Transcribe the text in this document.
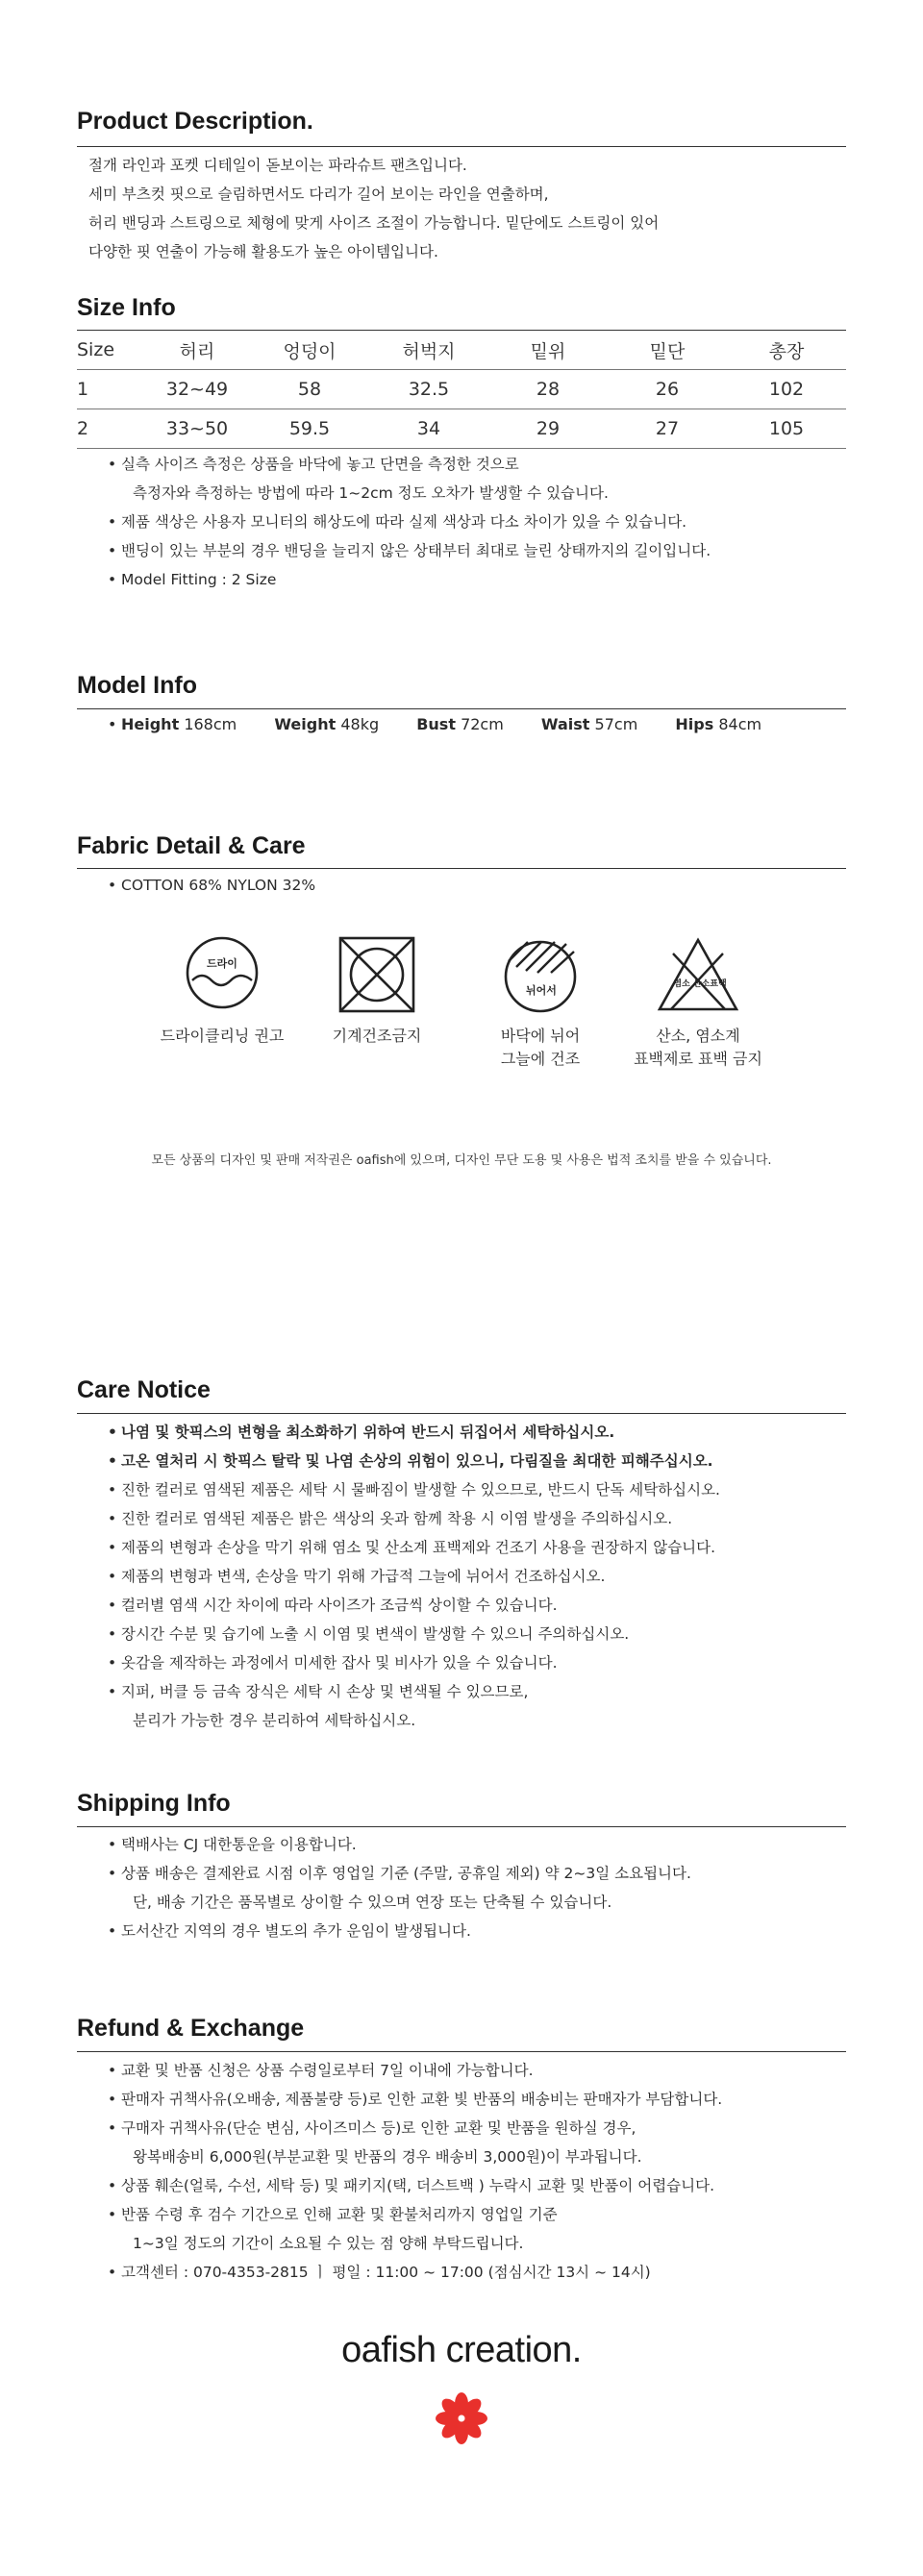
Product Description.
절개 라인과 포켓 디테일이 돋보이는 파라슈트 팬츠입니다.
세미 부츠컷 핏으로 슬림하면서도 다리가 길어 보이는 라인을 연출하며,
허리 밴딩과 스트링으로 체형에 맞게 사이즈 조절이 가능합니다. 밑단에도 스트링이 있어
다양한 핏 연출이 가능해 활용도가 높은 아이템입니다.
Size Info
Size	허리	엉덩이	허벅지	밑위	밑단	총장
1	32~49	58	32.5	28	26	102
2	33~50	59.5	34	29	27	105
• 실측 사이즈 측정은 상품을 바닥에 놓고 단면을 측정한 것으로
측정자와 측정하는 방법에 따라 1~2cm 정도 오차가 발생할 수 있습니다.
• 제품 색상은 사용자 모니터의 해상도에 따라 실제 색상과 다소 차이가 있을 수 있습니다.
• 밴딩이 있는 부분의 경우 밴딩을 늘리지 않은 상태부터 최대로 늘린 상태까지의 길이입니다.
• Model Fitting : 2 Size
Model Info
• Height 168cm Weight 48kg Bust 72cm Waist 57cm Hips 84cm
Fabric Detail & Care
• COTTON 68% NYLON 32%
드라이
드라이클리닝 권고	기계건조금지
뉘어서
바닥에 뉘어
그늘에 건조
염소 산소표백
산소, 염소계
표백제로 표백 금지
모든 상품의 디자인 및 판매 저작권은 oafish에 있으며, 디자인 무단 도용 및 사용은 법적 조치를 받을 수 있습니다.
Care Notice
• 나염 및 핫픽스의 변형을 최소화하기 위하여 반드시 뒤집어서 세탁하십시오.
• 고온 열처리 시 핫픽스 탈락 및 나염 손상의 위험이 있으니, 다림질을 최대한 피해주십시오.
• 진한 컬러로 염색된 제품은 세탁 시 물빠짐이 발생할 수 있으므로, 반드시 단독 세탁하십시오.
• 진한 컬러로 염색된 제품은 밝은 색상의 옷과 함께 착용 시 이염 발생을 주의하십시오.
• 제품의 변형과 손상을 막기 위해 염소 및 산소계 표백제와 건조기 사용을 권장하지 않습니다.
• 제품의 변형과 변색, 손상을 막기 위해 가급적 그늘에 뉘어서 건조하십시오.
• 컬러별 염색 시간 차이에 따라 사이즈가 조금씩 상이할 수 있습니다.
• 장시간 수분 및 습기에 노출 시 이염 및 변색이 발생할 수 있으니 주의하십시오.
• 옷감을 제작하는 과정에서 미세한 잡사 및 비사가 있을 수 있습니다.
• 지퍼, 버클 등 금속 장식은 세탁 시 손상 및 변색될 수 있으므로,
분리가 가능한 경우 분리하여 세탁하십시오.
Shipping Info
• 택배사는 CJ 대한통운을 이용합니다.
• 상품 배송은 결제완료 시점 이후 영업일 기준 (주말, 공휴일 제외) 약 2~3일 소요됩니다.
단, 배송 기간은 품목별로 상이할 수 있으며 연장 또는 단축될 수 있습니다.
• 도서산간 지역의 경우 별도의 추가 운임이 발생됩니다.
Refund & Exchange
• 교환 및 반품 신청은 상품 수령일로부터 7일 이내에 가능합니다.
• 판매자 귀책사유(오배송, 제품불량 등)로 인한 교환 빛 반품의 배송비는 판매자가 부담합니다.
• 구매자 귀책사유(단순 변심, 사이즈미스 등)로 인한 교환 및 반품을 원하실 경우,
왕복배송비 6,000원(부분교환 및 반품의 경우 배송비 3,000원)이 부과됩니다.
• 상품 훼손(얼룩, 수선, 세탁 등) 및 패키지(택, 더스트백 ) 누락시 교환 및 반품이 어렵습니다.
• 반품 수령 후 검수 기간으로 인해 교환 및 환불처리까지 영업일 기준
1~3일 정도의 기간이 소요될 수 있는 점 양해 부탁드립니다.
• 고객센터 : 070-4353-2815 ㅣ 평일 : 11:00 ~ 17:00 (점심시간 13시 ~ 14시)
oafish creation.
